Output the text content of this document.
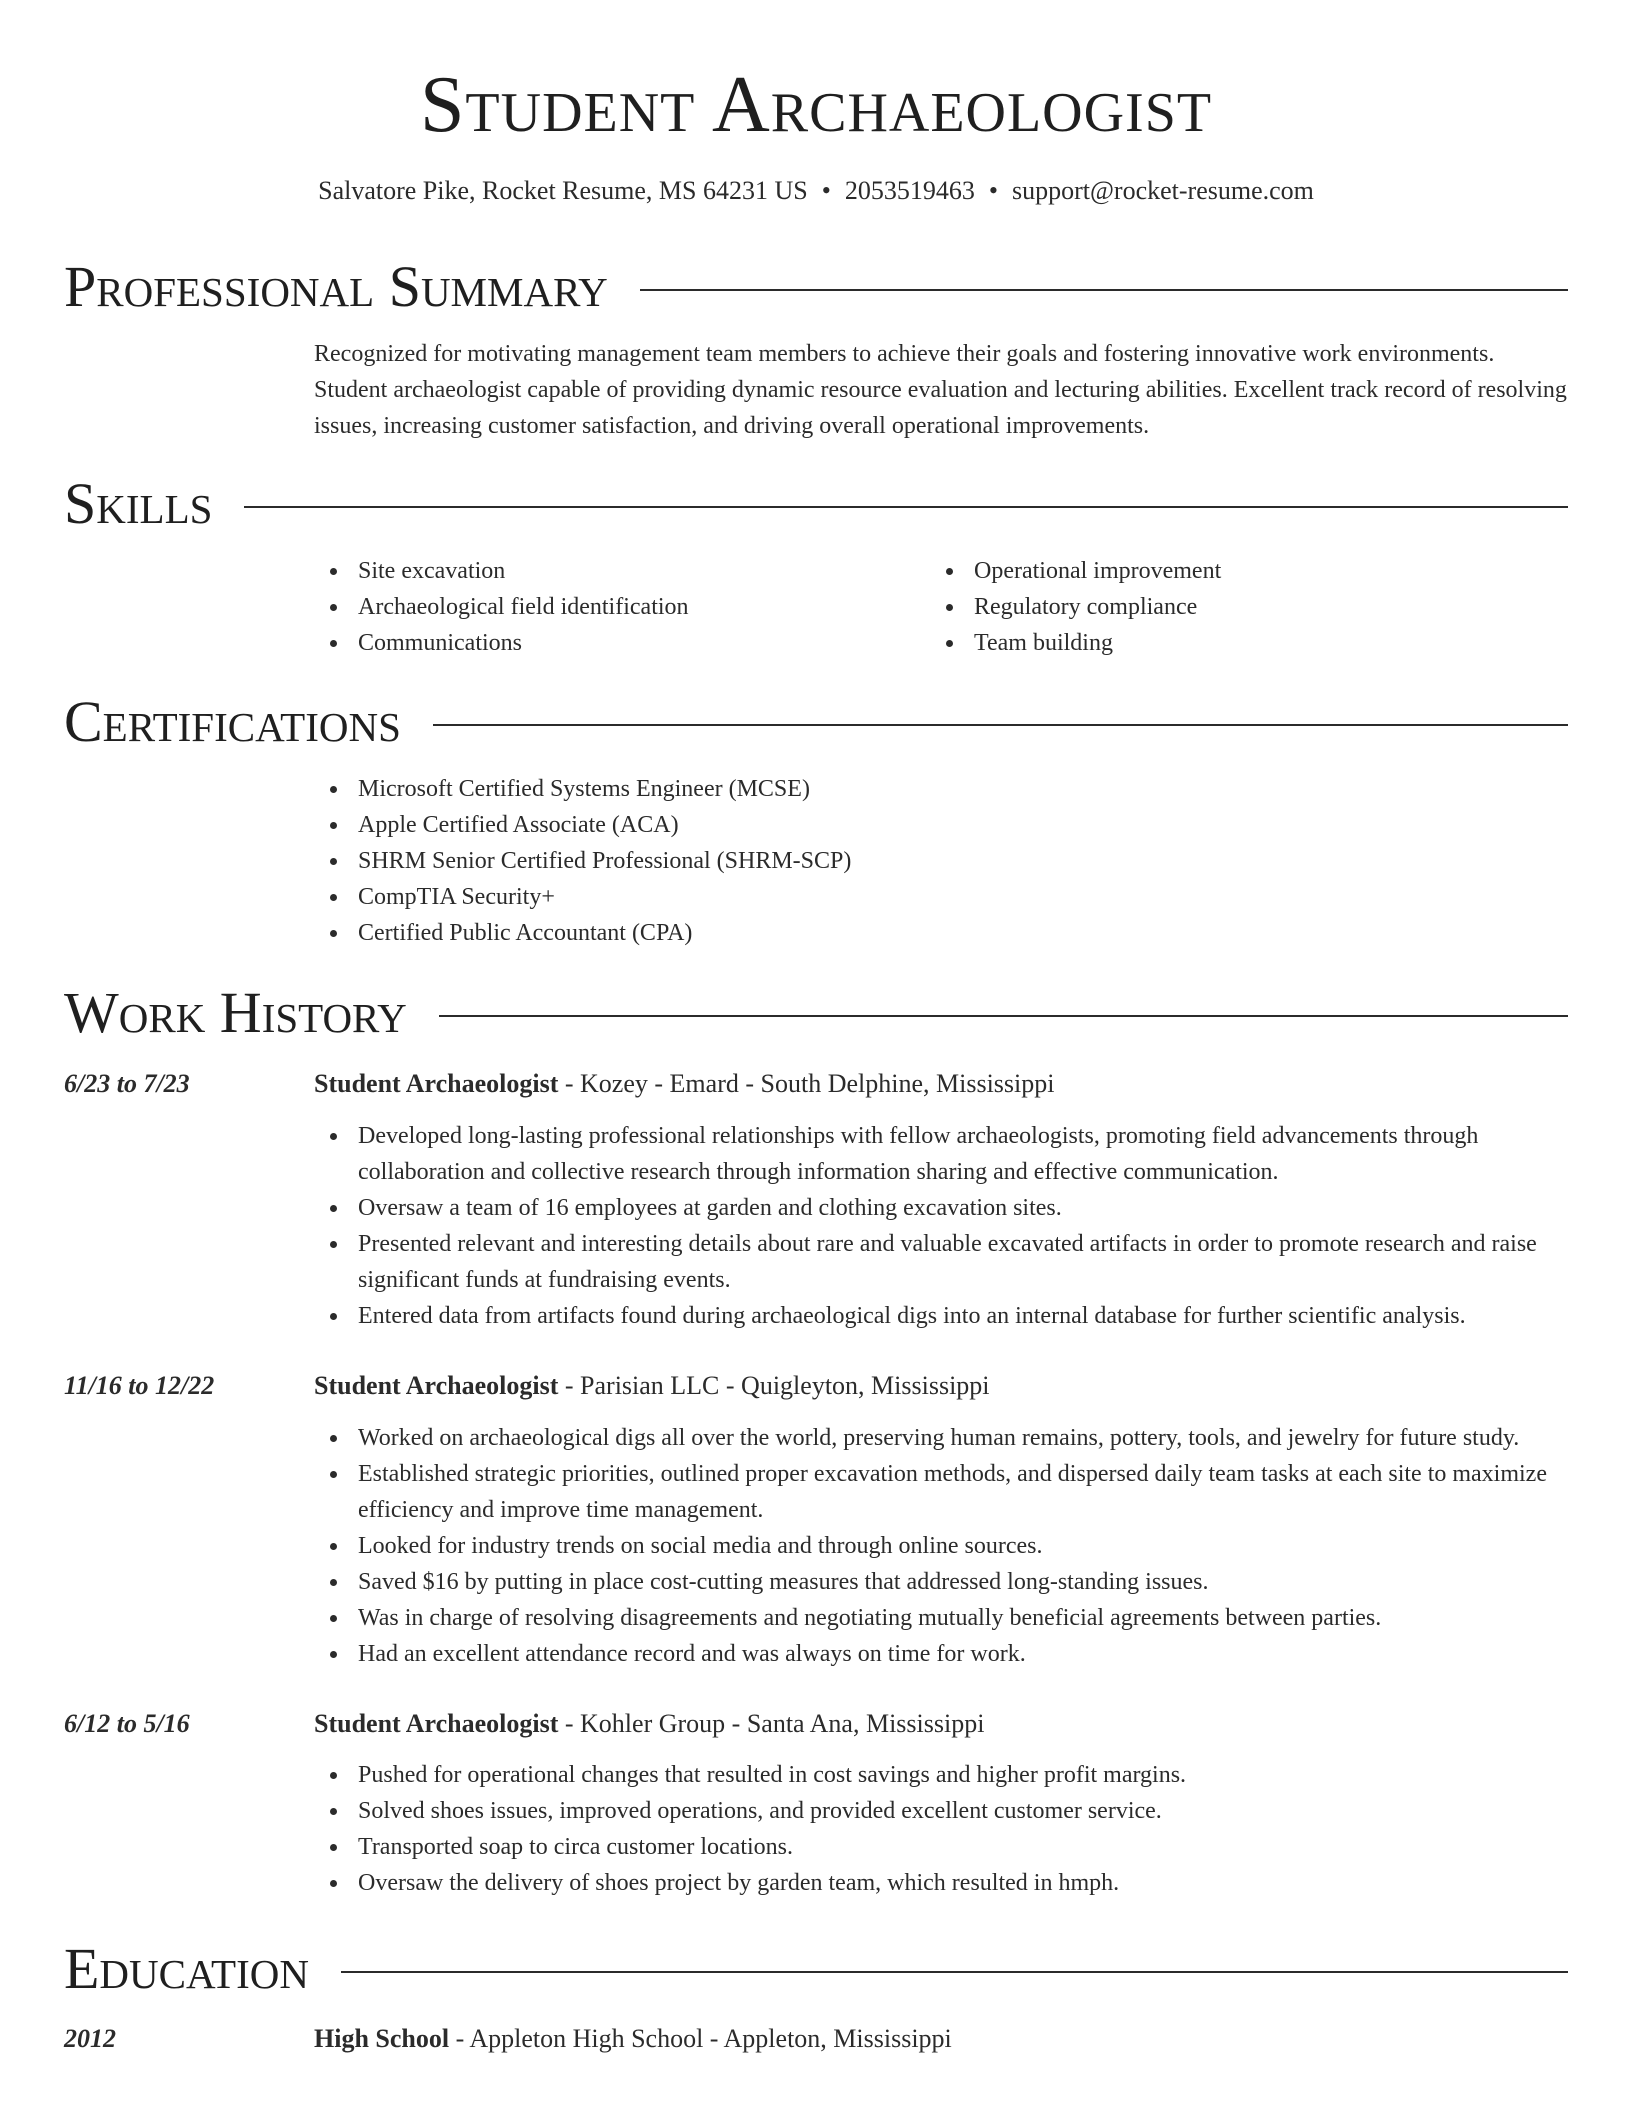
Student Archaeologist
Salvatore Pike, Rocket Resume, MS 64231 US • 2053519463 • support@rocket-resume.com
Professional Summary
Recognized for motivating management team members to achieve their goals and fostering innovative work environments. Student archaeologist capable of providing dynamic resource evaluation and lecturing abilities. Excellent track record of resolving issues, increasing customer satisfaction, and driving overall operational improvements.
Skills
Site excavation
Archaeological field identification
Communications
Operational improvement
Regulatory compliance
Team building
Certifications
Microsoft Certified Systems Engineer (MCSE)
Apple Certified Associate (ACA)
SHRM Senior Certified Professional (SHRM-SCP)
CompTIA Security+
Certified Public Accountant (CPA)
Work History
6/23 to 7/23	Student Archaeologist - Kozey - Emard - South Delphine, Mississippi
Developed long-lasting professional relationships with fellow archaeologists, promoting field advancements through collaboration and collective research through information sharing and effective communication.
Oversaw a team of 16 employees at garden and clothing excavation sites.
Presented relevant and interesting details about rare and valuable excavated artifacts in order to promote research and raise significant funds at fundraising events.
Entered data from artifacts found during archaeological digs into an internal database for further scientific analysis.
11/16 to 12/22	Student Archaeologist - Parisian LLC - Quigleyton, Mississippi
Worked on archaeological digs all over the world, preserving human remains, pottery, tools, and jewelry for future study.
Established strategic priorities, outlined proper excavation methods, and dispersed daily team tasks at each site to maximize efficiency and improve time management.
Looked for industry trends on social media and through online sources.
Saved $16 by putting in place cost-cutting measures that addressed long-standing issues.
Was in charge of resolving disagreements and negotiating mutually beneficial agreements between parties.
Had an excellent attendance record and was always on time for work.
6/12 to 5/16	Student Archaeologist - Kohler Group - Santa Ana, Mississippi
Pushed for operational changes that resulted in cost savings and higher profit margins.
Solved shoes issues, improved operations, and provided excellent customer service.
Transported soap to circa customer locations.
Oversaw the delivery of shoes project by garden team, which resulted in hmph.
Education
2012	High School - Appleton High School - Appleton, Mississippi
